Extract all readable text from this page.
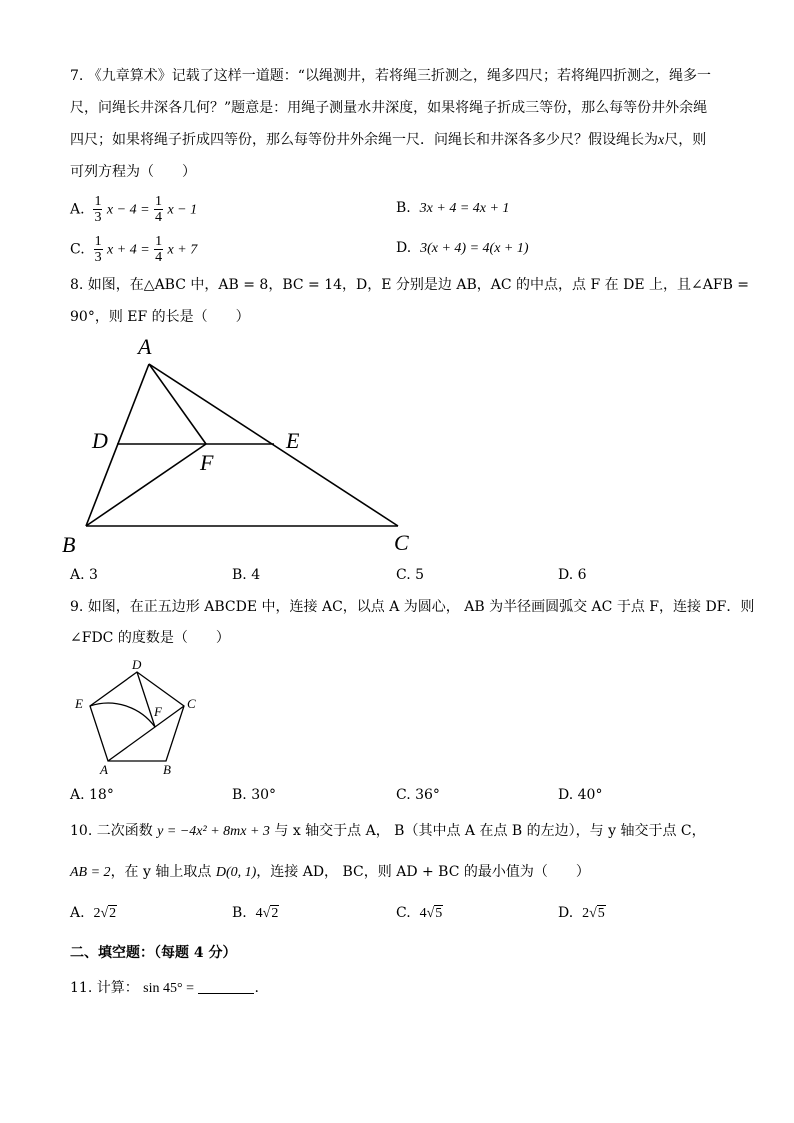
7. 《九章算术》记载了这样一道题：“以绳测井，若将绳三折测之，绳多四尺；若将绳四折测之，绳多一
尺，问绳长井深各几何？”题意是：用绳子测量水井深度，如果将绳子折成三等份，那么每等份井外余绳
四尺；如果将绳子折成四等份，那么每等份井外余绳一尺．问绳长和井深各多少尺？假设绳长为x尺，则
可列方程为（　　）
A. $\frac{1}{3}$ $x - 4 = \frac{1}{4}$ x − 1	B. 3x + 4 = 4x + 1
C. $\frac{1}{3}$ $x + 4 = \frac{1}{4}$ x + 7	D. 3(x + 4) = 4(x + 1)
8. 如图，在△ABC 中，AB = 8，BC = 14，D，E 分别是边 AB，AC 的中点，点 F 在 DE 上，且∠AFB =
90°，则 EF 的长是（　　）
A
B	C
D	E
F
A. 3	B. 4	C. 5	D. 6
9. 如图，在正五边形 ABCDE 中，连接 AC，以点 A 为圆心， AB 为半径画圆弧交 AC 于点 F，连接 DF．则
∠FDC 的度数是（　　）
A	B
C
D
E
F
A. 18°	B. 30°	C. 36°	D. 40°
10. 二次函数 y = −4x² + 8mx + 3 与 x 轴交于点 A， B（其中点 A 在点 B 的左边），与 y 轴交于点 C，
AB = 2，在 y 轴上取点 D(0, 1)，连接 AD， BC，则 AD + BC 的最小值为（　　）
A. 2√2	B. 4√2	C. 4√5	D. 2√5
二、填空题：（每题 4 分）
11. 计算： sin 45° =	.
